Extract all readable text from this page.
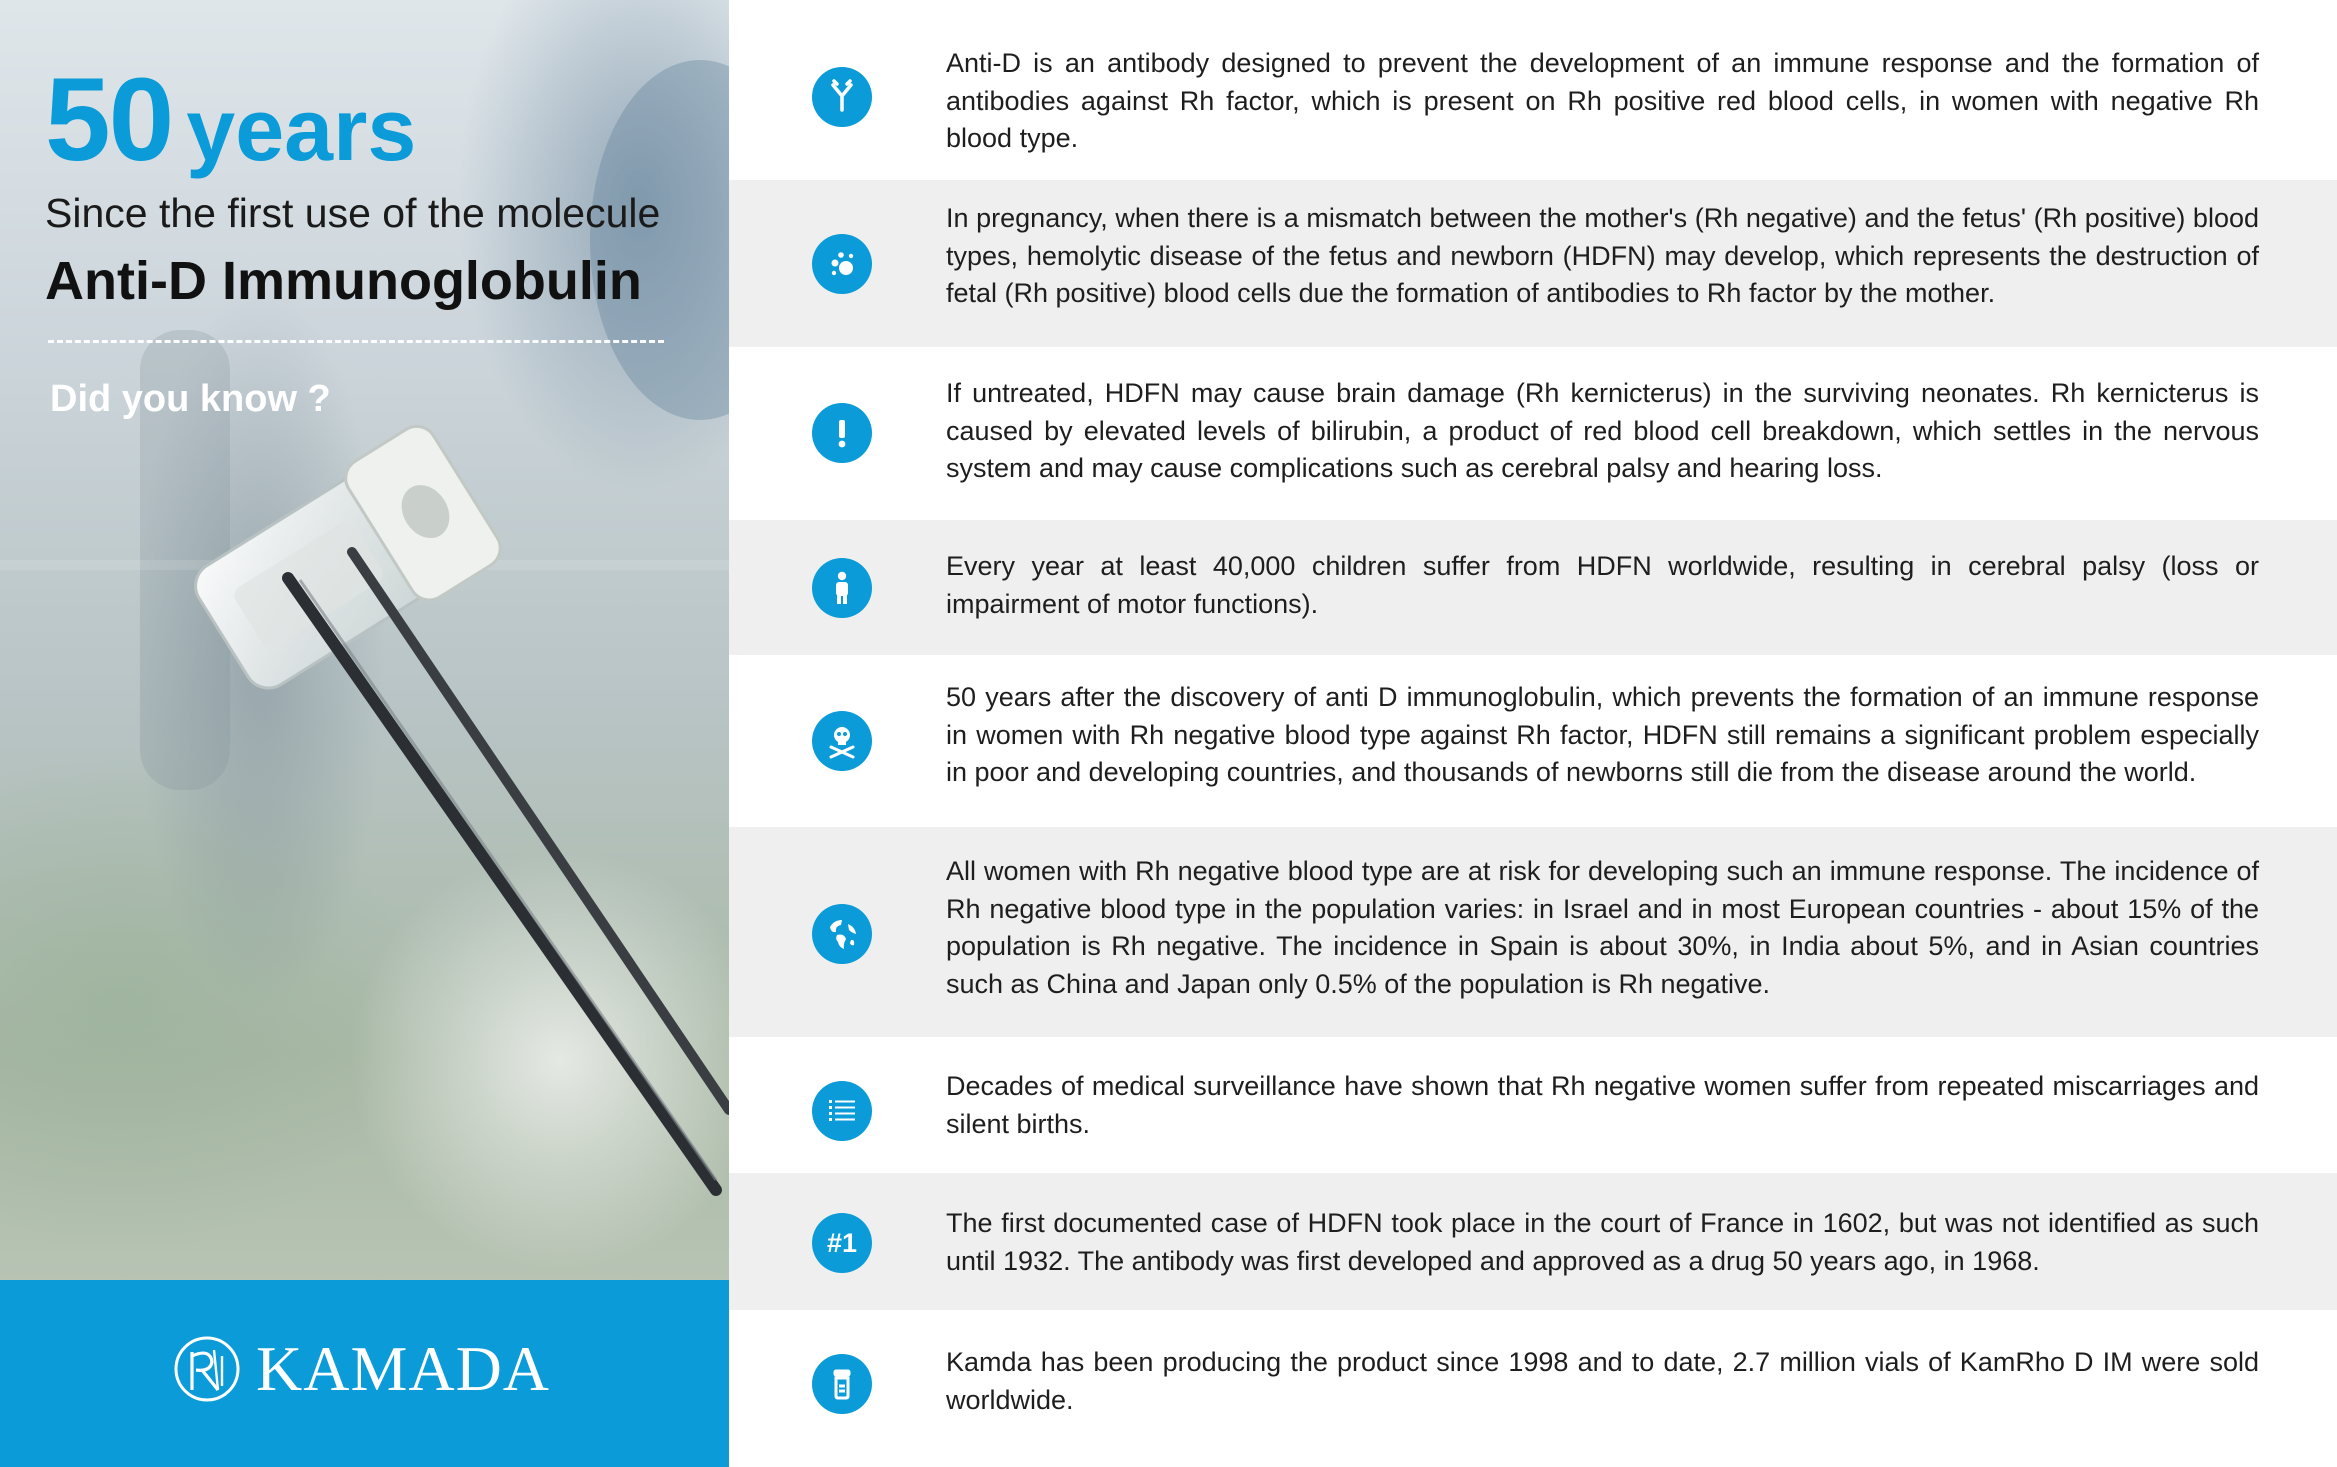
50 years
Since the first use of the molecule
Anti-D Immunoglobulin
Did you know ?
KAMADA
Anti-D is an antibody designed to prevent the development of an immune response and the formation of antibodies against Rh factor, which is present on Rh positive red blood cells, in women with negative Rh blood type.
In pregnancy, when there is a mismatch between the mother's (Rh negative) and the fetus' (Rh positive) blood types, hemolytic disease of the fetus and newborn (HDFN) may develop, which represents the destruction of fetal (Rh positive) blood cells due the formation of antibodies to Rh factor by the mother.
If untreated, HDFN may cause brain damage (Rh kernicterus) in the surviving neonates. Rh kernicterus is caused by elevated levels of bilirubin, a product of red blood cell breakdown, which settles in the nervous system and may cause complications such as cerebral palsy and hearing loss.
Every year at least 40,000 children suffer from HDFN worldwide, resulting in cerebral palsy (loss or impairment of motor functions).
50 years after the discovery of anti D immunoglobulin, which prevents the formation of an immune response in women with Rh negative blood type against Rh factor, HDFN still remains a significant problem especially in poor and developing countries, and thousands of newborns still die from the disease around the world.
All women with Rh negative blood type are at risk for developing such an immune response. The incidence of Rh negative blood type in the population varies: in Israel and in most European countries - about 15% of the population is Rh negative. The incidence in Spain is about 30%, in India about 5%, and in Asian countries such as China and Japan only 0.5% of the population is Rh negative.
Decades of medical surveillance have shown that Rh negative women suffer from repeated miscarriages and silent births.
#1
The first documented case of HDFN took place in the court of France in 1602, but was not identified as such until 1932. The antibody was first developed and approved as a drug 50 years ago, in 1968.
Kamda has been producing the product since 1998 and to date, 2.7 million vials of KamRho D IM were sold worldwide.
